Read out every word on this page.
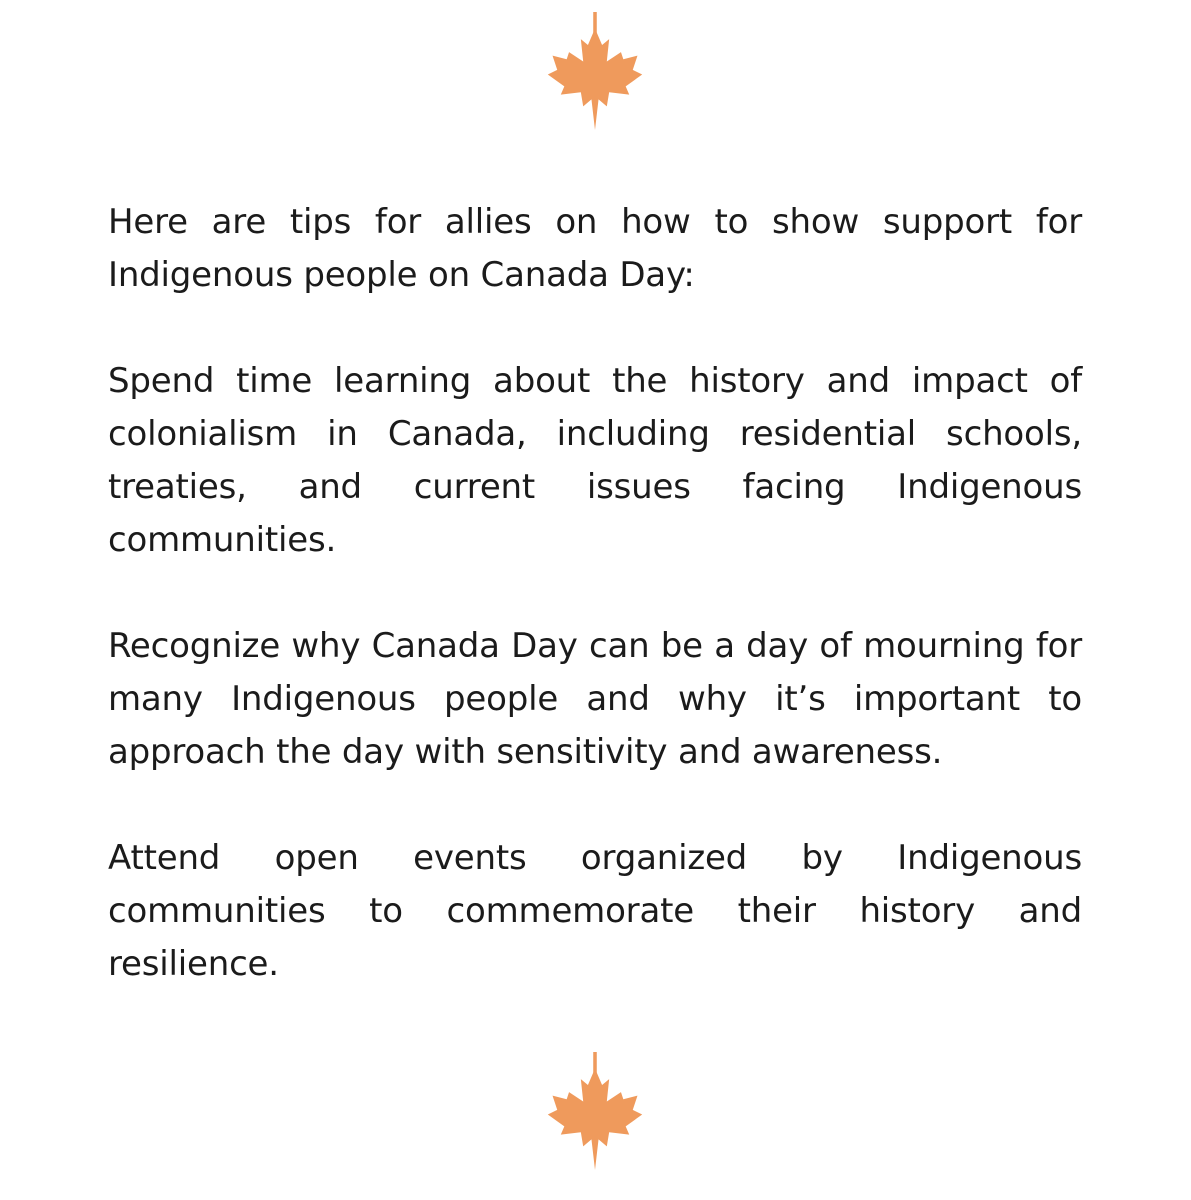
Here are tips for allies on how to show support for Indigenous people on Canada Day:

Spend time learning about the history and impact of colonialism in Canada, including residential schools, treaties, and current issues facing Indigenous communities.

Recognize why Canada Day can be a day of mourning for many Indigenous people and why it’s important to approach the day with sensitivity and awareness.

Attend open events organized by Indigenous communities to commemorate their history and resilience.
